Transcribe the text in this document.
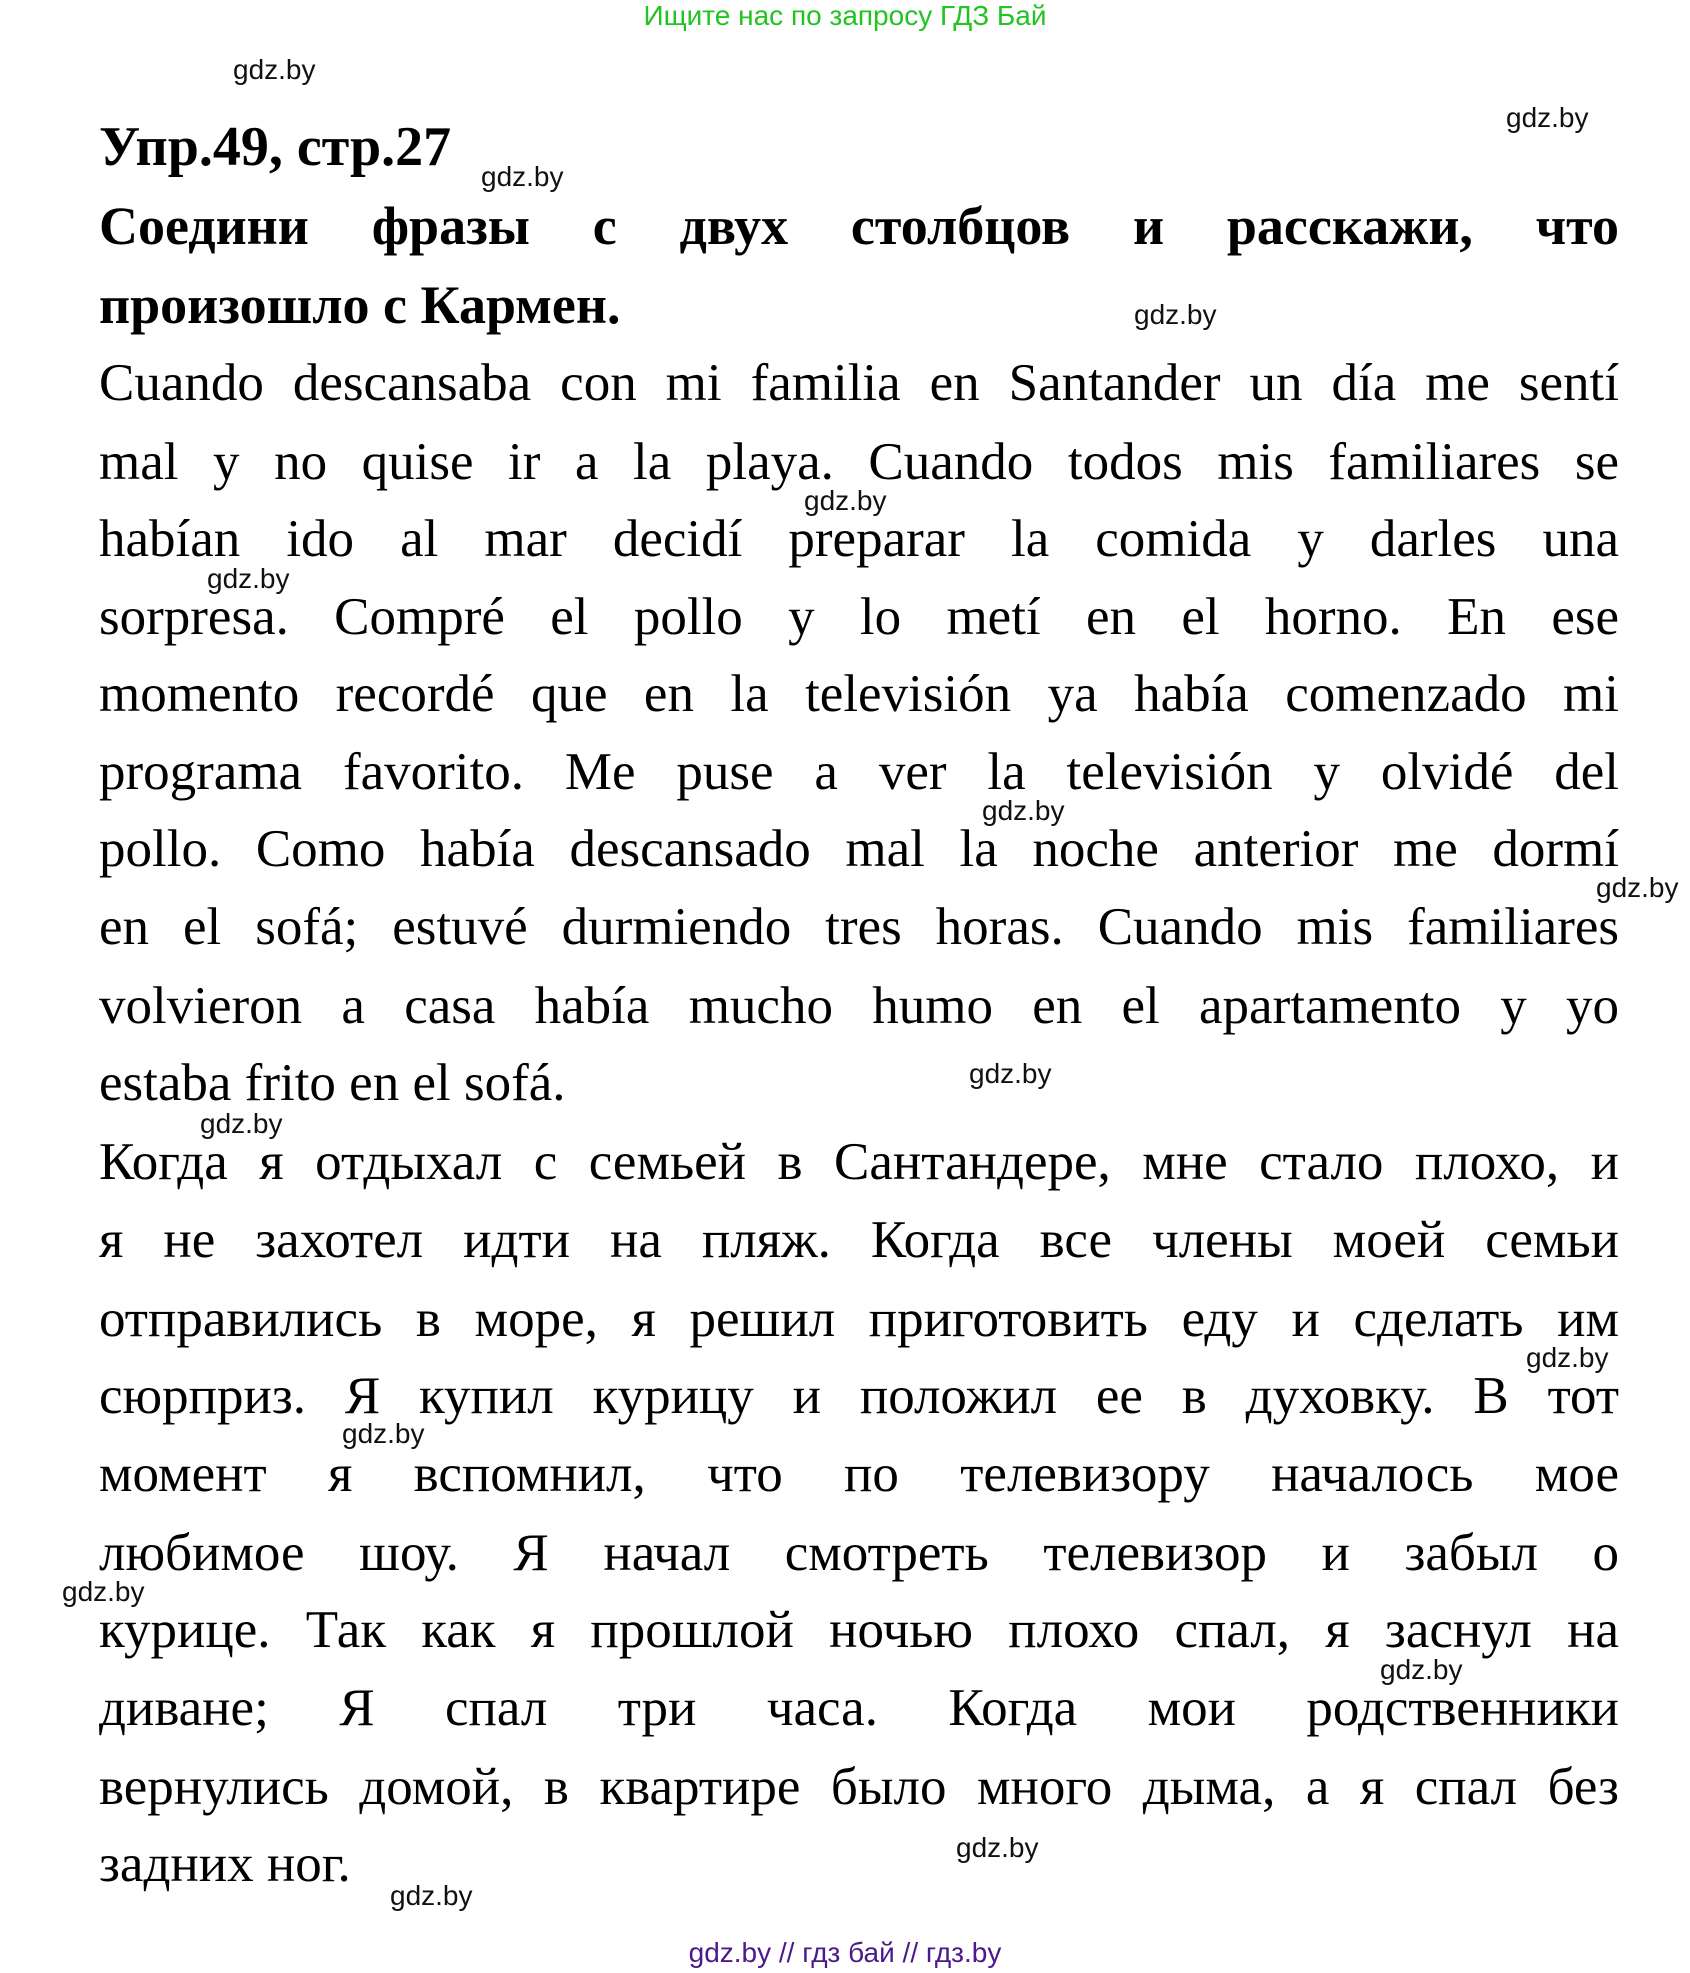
Ищите нас по запросу ГДЗ Бай
Упр.49, стр.27
Соедини фразы с двух столбцов и расскажи, что
произошло с Кармен.
Cuando descansaba con mi familia en Santander un día me sentí
mal y no quise ir a la playa. Cuando todos mis familiares se
habían ido al mar decidí preparar la comida y darles una
sorpresa. Compré el pollo y lo metí en el horno. En ese
momento recordé que en la televisión ya había comenzado mi
programa favorito. Me puse a ver la televisión y olvidé del
pollo. Como había descansado mal la noche anterior me dormí
en el sofá; estuvé durmiendo tres horas. Cuando mis familiares
volvieron a casa había mucho humo en el apartamento y yo
estaba frito en el sofá.
Когда я отдыхал с семьей в Сантандере, мне стало плохо, и
я не захотел идти на пляж. Когда все члены моей семьи
отправились в море, я решил приготовить еду и сделать им
сюрприз. Я купил курицу и положил ее в духовку. В тот
момент я вспомнил, что по телевизору началось мое
любимое шоу. Я начал смотреть телевизор и забыл о
курице. Так как я прошлой ночью плохо спал, я заснул на
диване; Я спал три часа. Когда мои родственники
вернулись домой, в квартире было много дыма, а я спал без
задних ног.
gdz.by
gdz.by
gdz.by
gdz.by
gdz.by
gdz.by
gdz.by
gdz.by
gdz.by
gdz.by
gdz.by
gdz.by
gdz.by
gdz.by
gdz.by
gdz.by
gdz.by // гдз бай // гдз.by
